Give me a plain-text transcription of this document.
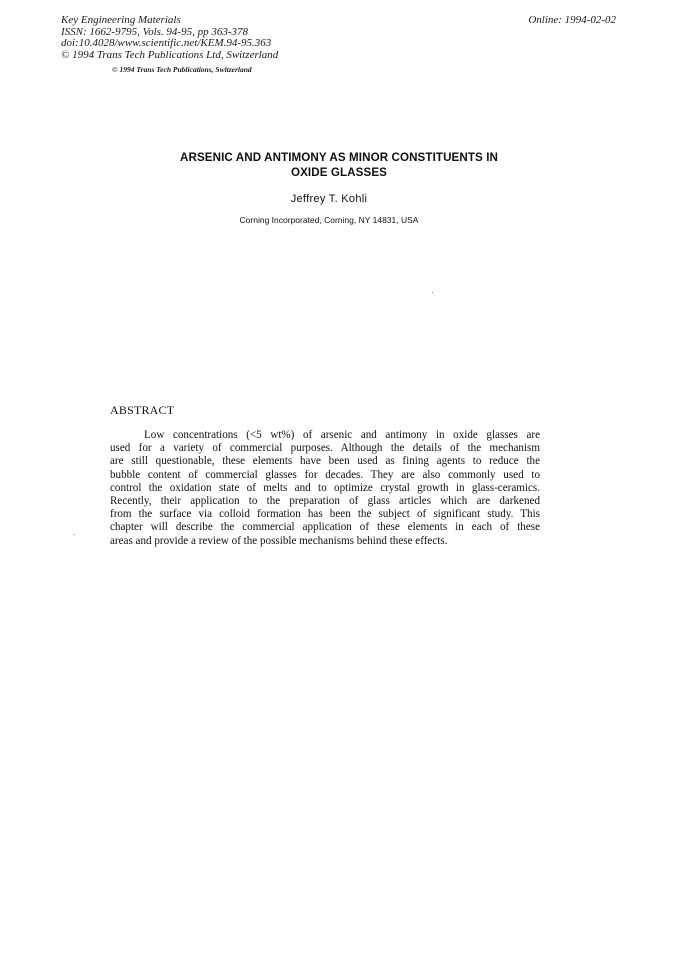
Key Engineering Materials
ISSN: 1662-9795, Vols. 94-95, pp 363-378
doi:10.4028/www.scientific.net/KEM.94-95.363
© 1994 Trans Tech Publications Ltd, Switzerland
Online: 1994-02-02
© 1994 Trans Tech Publications, Switzerland
ARSENIC AND ANTIMONY AS MINOR CONSTITUENTS IN
OXIDE GLASSES
Jeffrey T. Kohli
Corning Incorporated, Corning, NY 14831, USA
ABSTRACT
Low concentrations (<5 wt%) of arsenic and antimony in oxide glasses are
used for a variety of commercial purposes. Although the details of the mechanism
are still questionable, these elements have been used as fining agents to reduce the
bubble content of commercial glasses for decades. They are also commonly used to
control the oxidation state of melts and to optimize crystal growth in glass-ceramics.
Recently, their application to the preparation of glass articles which are darkened
from the surface via colloid formation has been the subject of significant study. This
chapter will describe the commercial application of these elements in each of these
areas and provide a review of the possible mechanisms behind these effects.
